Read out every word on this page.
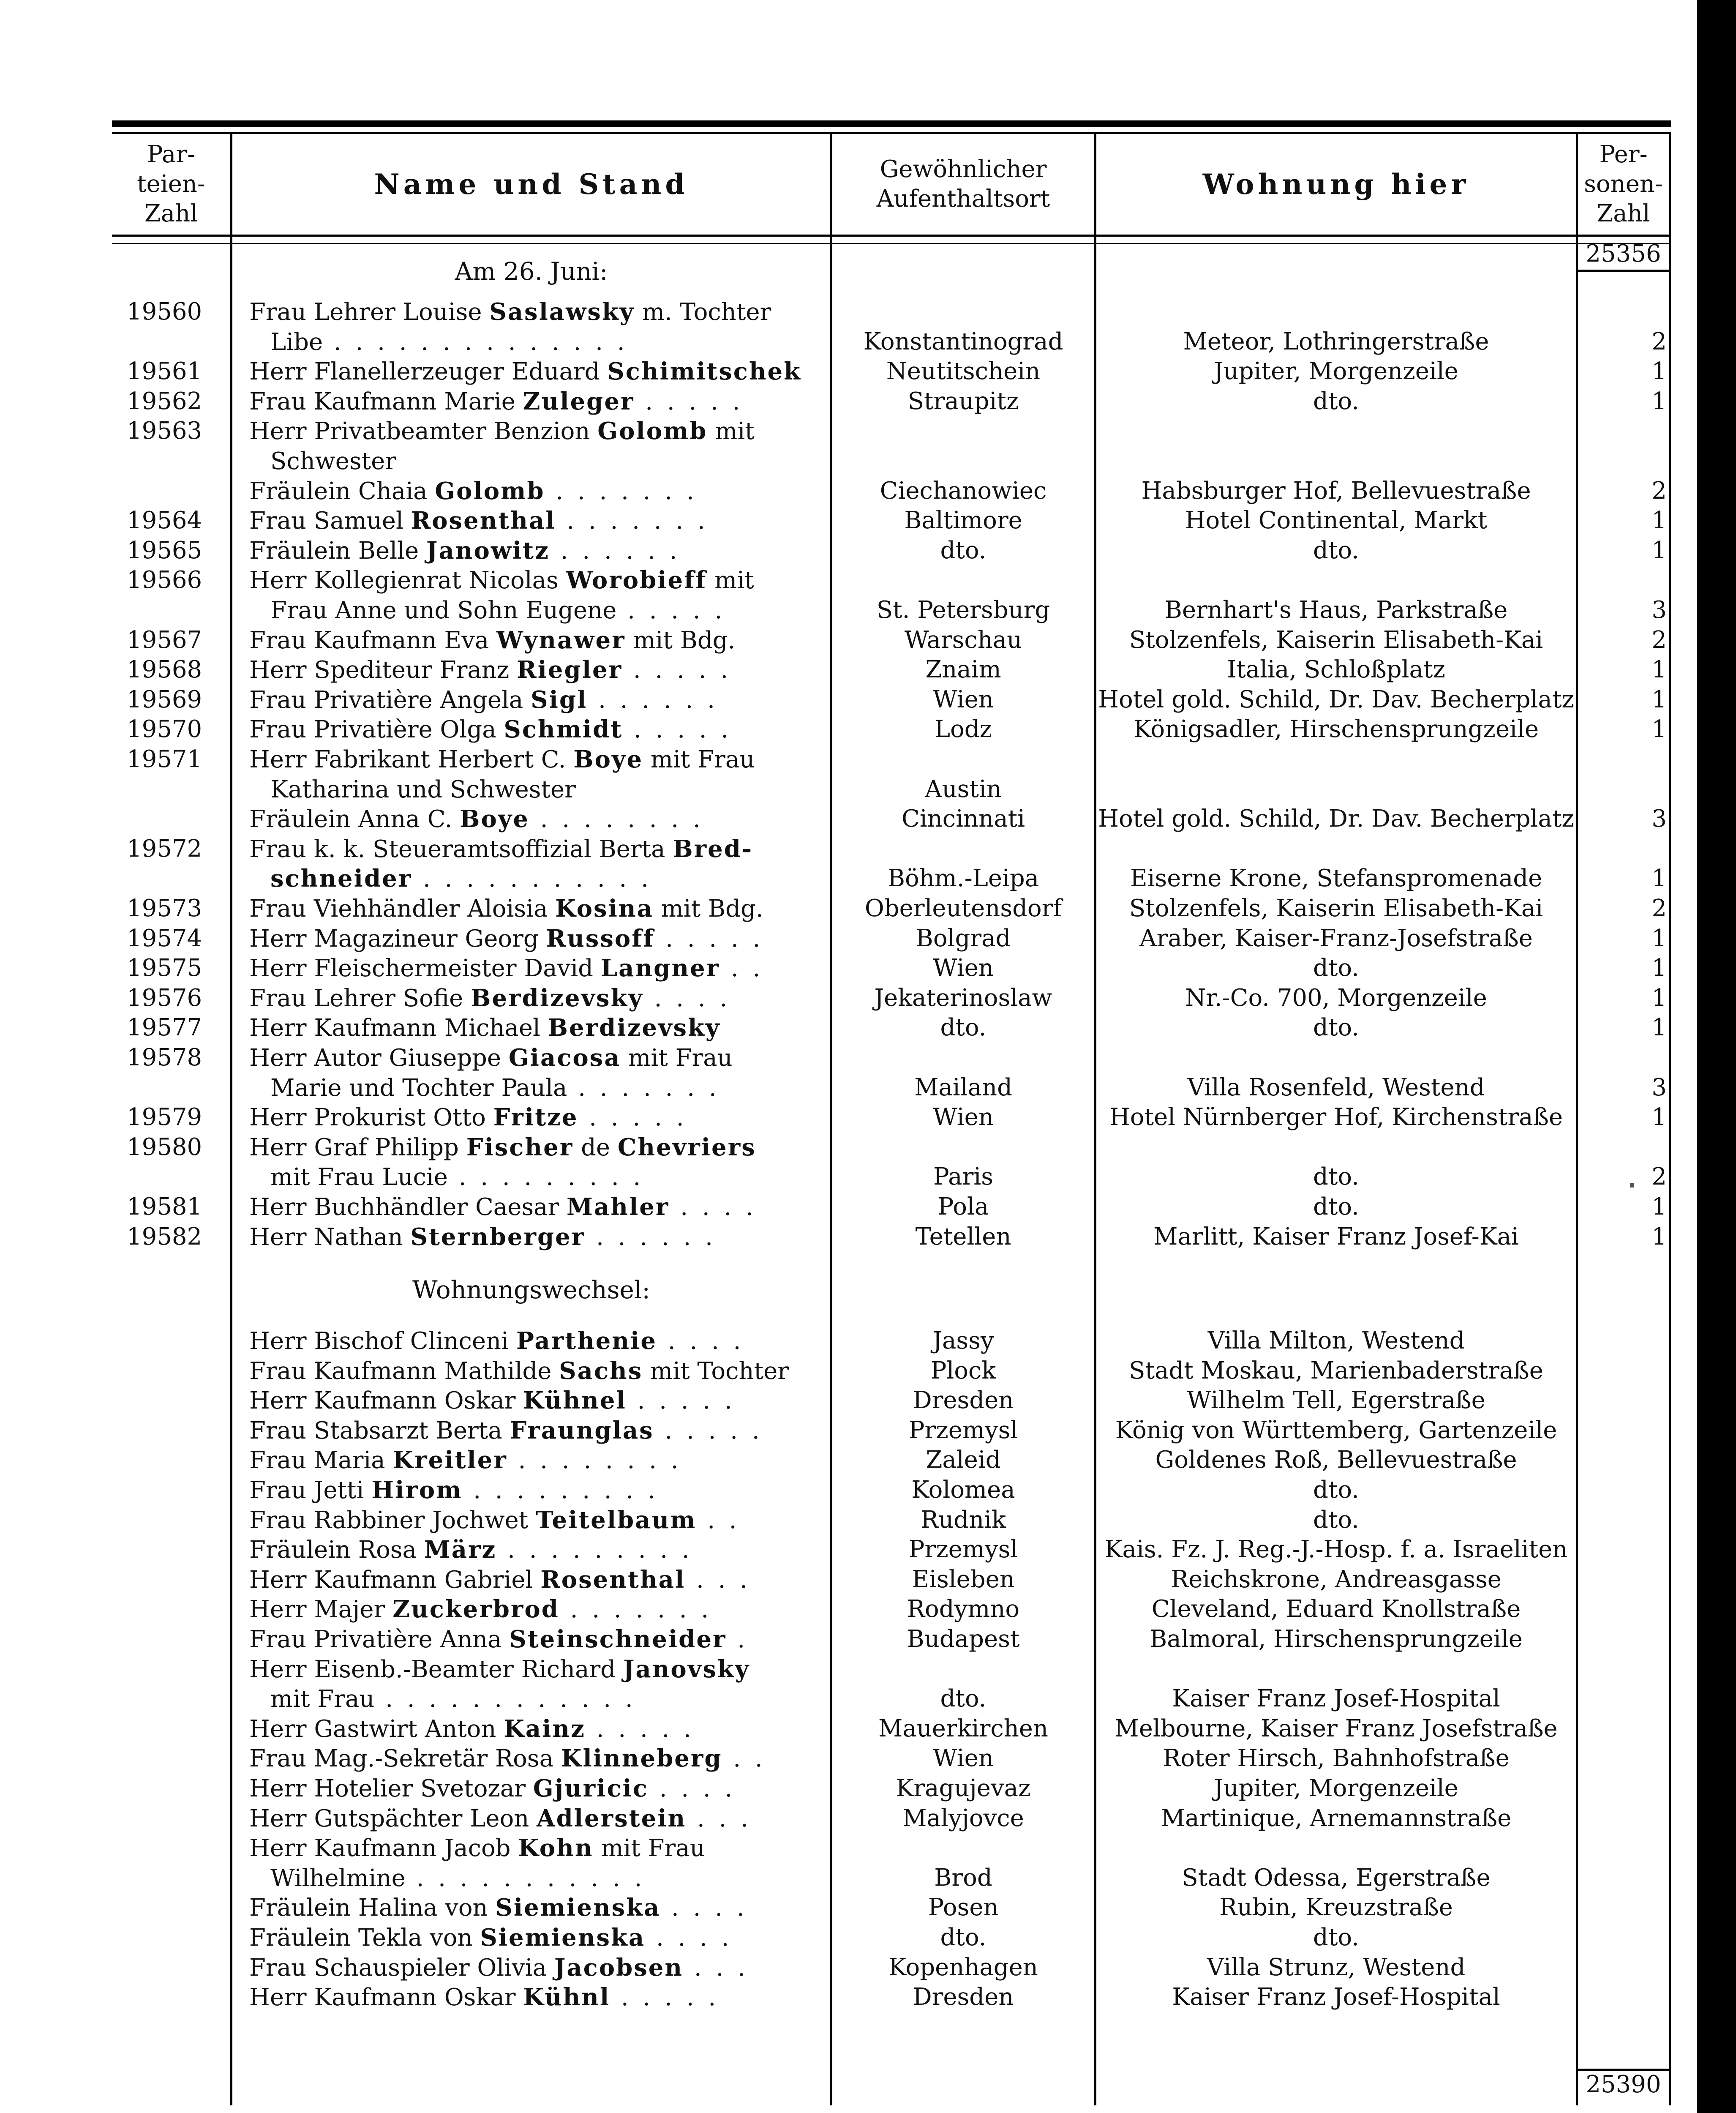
Par- teien- Zahl
Name und Stand	Gewöhnlicher Aufenthaltsort	Wohnung hier
Per- sonen- Zahl
25356
25390
Am 26. Juni:
Wohnungswechsel:
19560	Frau Lehrer Louise Saslawsky m. Tochter
Libe . . . . . . . . . . . . . .	Konstantinograd	Meteor, Lothringerstraße	2
19561	Herr Flanellerzeuger Eduard Schimitschek	Neutitschein	Jupiter, Morgenzeile	1
19562	Frau Kaufmann Marie Zuleger . . . . .	Straupitz	dto.	1
19563	Herr Privatbeamter Benzion Golomb mit
Schwester
Fräulein Chaia Golomb . . . . . . .	Ciechanowiec	Habsburger Hof, Bellevuestraße	2
19564	Frau Samuel Rosenthal . . . . . . .	Baltimore	Hotel Continental, Markt	1
19565	Fräulein Belle Janowitz . . . . . .	dto.	dto.	1
19566	Herr Kollegienrat Nicolas Worobieff mit
Frau Anne und Sohn Eugene . . . . .	St. Petersburg	Bernhart's Haus, Parkstraße	3
19567	Frau Kaufmann Eva Wynawer mit Bdg.	Warschau	Stolzenfels, Kaiserin Elisabeth-Kai	2
19568	Herr Spediteur Franz Riegler . . . . .	Znaim	Italia, Schloßplatz	1
19569	Frau Privatière Angela Sigl . . . . . .	Wien	Hotel gold. Schild, Dr. Dav. Becherplatz	1
19570	Frau Privatière Olga Schmidt . . . . .	Lodz	Königsadler, Hirschensprungzeile	1
19571	Herr Fabrikant Herbert C. Boye mit Frau
Katharina und Schwester	Austin
Fräulein Anna C. Boye . . . . . . . .	Cincinnati	Hotel gold. Schild, Dr. Dav. Becherplatz	3
19572	Frau k. k. Steueramtsoffizial Berta Bred-
schneider . . . . . . . . . . .	Böhm.-Leipa	Eiserne Krone, Stefanspromenade	1
19573	Frau Viehhändler Aloisia Kosina mit Bdg.	Oberleutensdorf	Stolzenfels, Kaiserin Elisabeth-Kai	2
19574	Herr Magazineur Georg Russoff . . . . .	Bolgrad	Araber, Kaiser-Franz-Josefstraße	1
19575	Herr Fleischermeister David Langner . .	Wien	dto.	1
19576	Frau Lehrer Sofie Berdizevsky . . . .	Jekaterinoslaw	Nr.-Co. 700, Morgenzeile	1
19577	Herr Kaufmann Michael Berdizevsky	dto.	dto.	1
19578	Herr Autor Giuseppe Giacosa mit Frau
Marie und Tochter Paula . . . . . . .	Mailand	Villa Rosenfeld, Westend	3
19579	Herr Prokurist Otto Fritze . . . . .	Wien	Hotel Nürnberger Hof, Kirchenstraße	1
19580	Herr Graf Philipp Fischer de Chevriers
mit Frau Lucie . . . . . . . . .	Paris	dto.	2
19581	Herr Buchhändler Caesar Mahler . . . .	Pola	dto.	1
19582	Herr Nathan Sternberger . . . . . .	Tetellen	Marlitt, Kaiser Franz Josef-Kai	1
Herr Bischof Clinceni Parthenie . . . .	Jassy	Villa Milton, Westend
Frau Kaufmann Mathilde Sachs mit Tochter	Plock	Stadt Moskau, Marienbaderstraße
Herr Kaufmann Oskar Kühnel . . . . .	Dresden	Wilhelm Tell, Egerstraße
Frau Stabsarzt Berta Fraunglas . . . . .	Przemysl	König von Württemberg, Gartenzeile
Frau Maria Kreitler . . . . . . . .	Zaleid	Goldenes Roß, Bellevuestraße
Frau Jetti Hirom . . . . . . . . .	Kolomea	dto.
Frau Rabbiner Jochwet Teitelbaum . .	Rudnik	dto.
Fräulein Rosa März . . . . . . . . .	Przemysl	Kais. Fz. J. Reg.-J.-Hosp. f. a. Israeliten
Herr Kaufmann Gabriel Rosenthal . . .	Eisleben	Reichskrone, Andreasgasse
Herr Majer Zuckerbrod . . . . . . .	Rodymno	Cleveland, Eduard Knollstraße
Frau Privatière Anna Steinschneider .	Budapest	Balmoral, Hirschensprungzeile
Herr Eisenb.-Beamter Richard Janovsky
mit Frau . . . . . . . . . . . .	dto.	Kaiser Franz Josef-Hospital
Herr Gastwirt Anton Kainz . . . . .	Mauerkirchen	Melbourne, Kaiser Franz Josefstraße
Frau Mag.-Sekretär Rosa Klinneberg . .	Wien	Roter Hirsch, Bahnhofstraße
Herr Hotelier Svetozar Gjuricic . . . .	Kragujevaz	Jupiter, Morgenzeile
Herr Gutspächter Leon Adlerstein . . .	Malyjovce	Martinique, Arnemannstraße
Herr Kaufmann Jacob Kohn mit Frau
Wilhelmine . . . . . . . . . . .	Brod	Stadt Odessa, Egerstraße
Fräulein Halina von Siemienska . . . .	Posen	Rubin, Kreuzstraße
Fräulein Tekla von Siemienska . . . .	dto.	dto.
Frau Schauspieler Olivia Jacobsen . . .	Kopenhagen	Villa Strunz, Westend
Herr Kaufmann Oskar Kühnl . . . . .	Dresden	Kaiser Franz Josef-Hospital
